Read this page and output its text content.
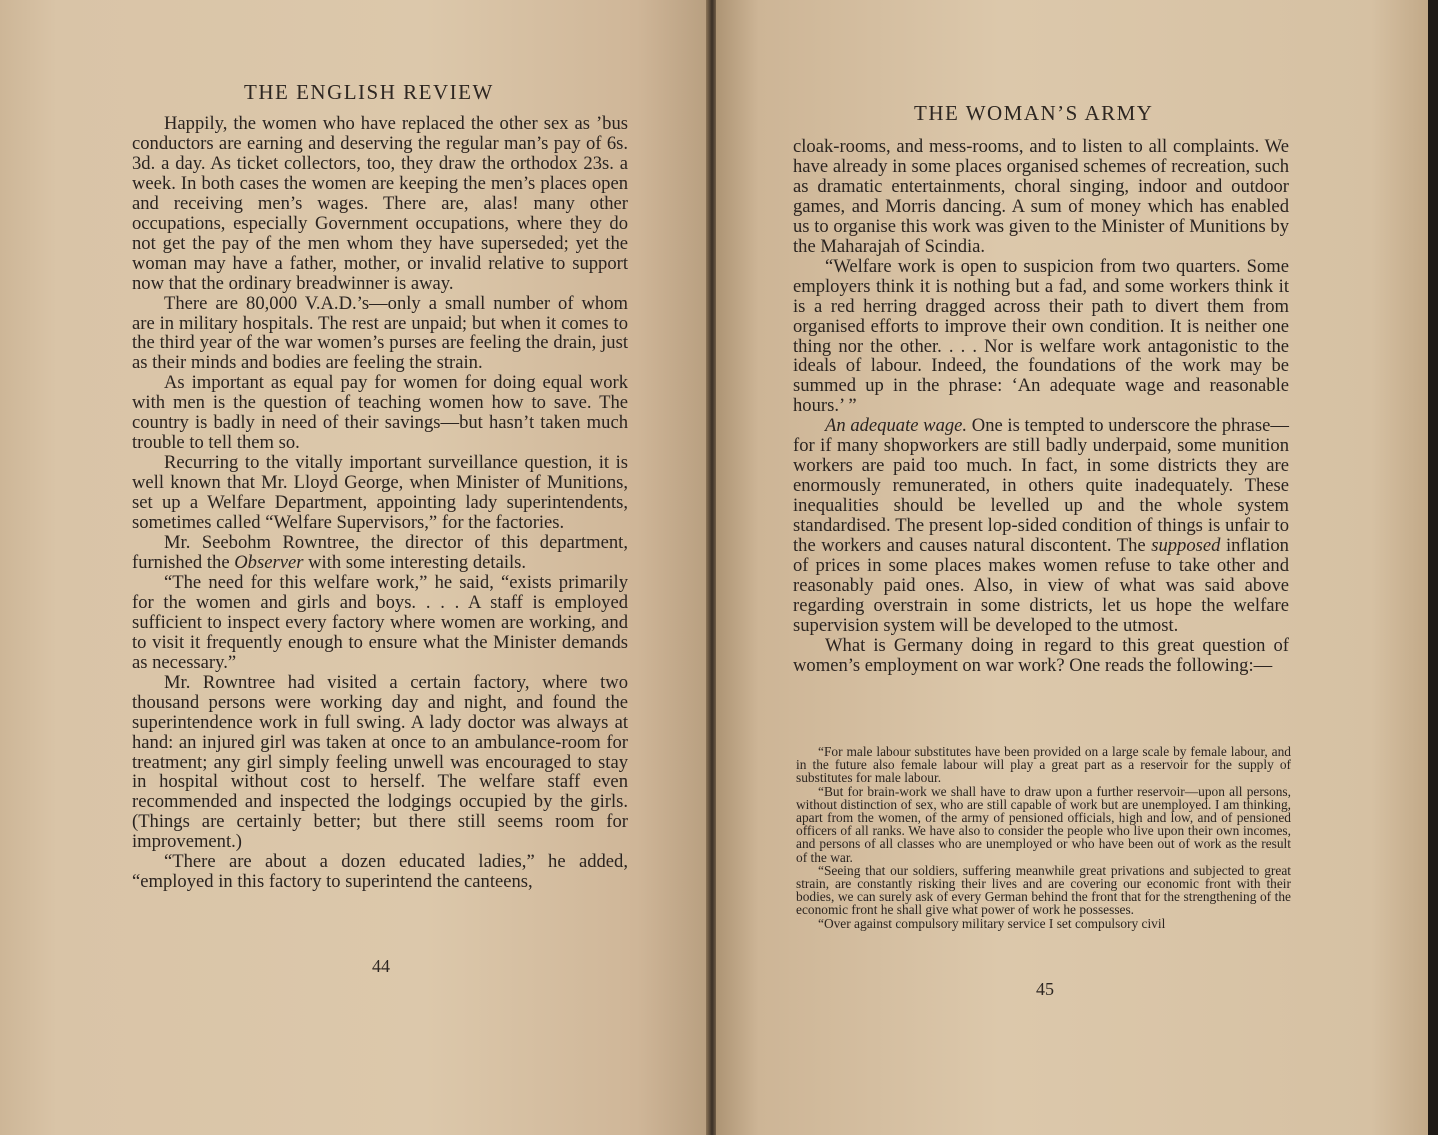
THE ENGLISH REVIEW

Happily, the women who have replaced the other sex as ’bus conductors are earning and deserving the regular man’s pay of 6s. 3d. a day. As ticket collectors, too, they draw the orthodox 23s. a week. In both cases the women are keeping the men’s places open and receiving men’s wages. There are, alas! many other occupations, especially Government occupations, where they do not get the pay of the men whom they have superseded; yet the woman may have a father, mother, or invalid relative to support now that the ordinary breadwinner is away.

There are 80,000 V.A.D.’s—only a small number of whom are in military hospitals. The rest are unpaid; but when it comes to the third year of the war women’s purses are feeling the drain, just as their minds and bodies are feeling the strain.

As important as equal pay for women for doing equal work with men is the question of teaching women how to save. The country is badly in need of their savings—but hasn’t taken much trouble to tell them so.

Recurring to the vitally important surveillance question, it is well known that Mr. Lloyd George, when Minister of Munitions, set up a Welfare Department, appointing lady superintendents, sometimes called “Welfare Supervisors,” for the factories.

Mr. Seebohm Rowntree, the director of this department, furnished the Observer with some interesting details.

“The need for this welfare work,” he said, “exists primarily for the women and girls and boys. . . . A staff is employed sufficient to inspect every factory where women are working, and to visit it frequently enough to ensure what the Minister demands as necessary.”

Mr. Rowntree had visited a certain factory, where two thousand persons were working day and night, and found the superintendence work in full swing. A lady doctor was always at hand: an injured girl was taken at once to an ambulance-room for treatment; any girl simply feeling unwell was encouraged to stay in hospital without cost to herself. The welfare staff even recommended and inspected the lodgings occupied by the girls. (Things are certainly better; but there still seems room for improvement.)

“There are about a dozen educated ladies,” he added, “employed in this factory to superintend the canteens,

44
THE WOMAN’S ARMY

cloak-rooms, and mess-rooms, and to listen to all complaints. We have already in some places organised schemes of recreation, such as dramatic entertainments, choral singing, indoor and outdoor games, and Morris dancing. A sum of money which has enabled us to organise this work was given to the Minister of Munitions by the Maharajah of Scindia.

“Welfare work is open to suspicion from two quarters. Some employers think it is nothing but a fad, and some workers think it is a red herring dragged across their path to divert them from organised efforts to improve their own condition. It is neither one thing nor the other. . . . Nor is welfare work antagonistic to the ideals of labour. Indeed, the foundations of the work may be summed up in the phrase: ‘An adequate wage and reasonable hours.’ ”

An adequate wage. One is tempted to underscore the phrase—for if many shopworkers are still badly underpaid, some munition workers are paid too much. In fact, in some districts they are enormously remunerated, in others quite inadequately. These inequalities should be levelled up and the whole system standardised. The present lop-sided condition of things is unfair to the workers and causes natural discontent. The supposed inflation of prices in some places makes women refuse to take other and reasonably paid ones. Also, in view of what was said above regarding overstrain in some districts, let us hope the welfare supervision system will be developed to the utmost.

What is Germany doing in regard to this great question of women’s employment on war work? One reads the following:—

“For male labour substitutes have been provided on a large scale by female labour, and in the future also female labour will play a great part as a reservoir for the supply of substitutes for male labour.

“But for brain-work we shall have to draw upon a further reservoir—upon all persons, without distinction of sex, who are still capable of work but are unemployed. I am thinking, apart from the women, of the army of pensioned officials, high and low, and of pensioned officers of all ranks. We have also to consider the people who live upon their own incomes, and persons of all classes who are unemployed or who have been out of work as the result of the war.

“Seeing that our soldiers, suffering meanwhile great privations and subjected to great strain, are constantly risking their lives and are covering our economic front with their bodies, we can surely ask of every German behind the front that for the strengthening of the economic front he shall give what power of work he possesses.

“Over against compulsory military service I set compulsory civil

45
